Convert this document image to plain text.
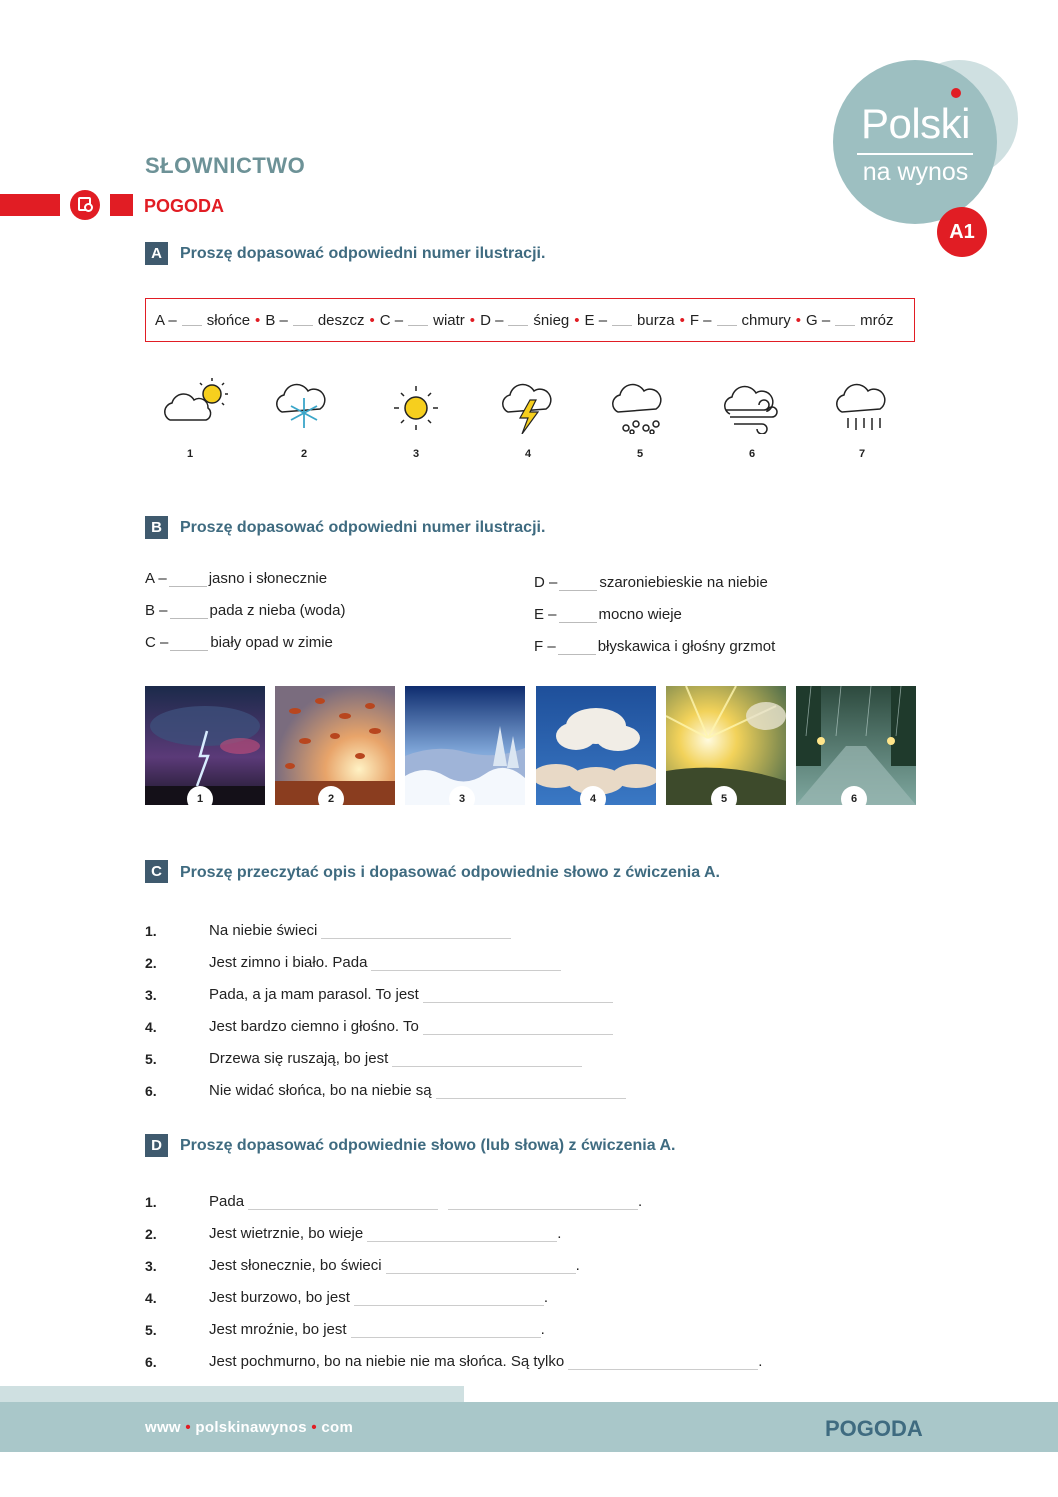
Polski
na wynos
A1
SŁOWNICTWO
POGODA
A	Proszę dopasować odpowiedni numer ilustracji.
A – słońce • B – deszcz • C – wiatr • D – śnieg • E – burza • F – chmury • G – mróz
1	2	3	4	5	6	7
B	Proszę dopasować odpowiedni numer ilustracji.
A –	jasno i słonecznie
B –	pada z nieba (woda)
C –	biały opad w zimie
D –	szaroniebieskie na niebie
E –	mocno wieje
F –	błyskawica i głośny grzmot
1	2	3	4	5	6
C	Proszę przeczytać opis i dopasować odpowiednie słowo z ćwiczenia A.
1.	Na niebie świeci
2.	Jest zimno i biało. Pada
3.	Pada, a ja mam parasol. To jest
4.	Jest bardzo ciemno i głośno. To
5.	Drzewa się ruszają, bo jest
6.	Nie widać słońca, bo na niebie są
D	Proszę dopasować odpowiednie słowo (lub słowa) z ćwiczenia A.
1.	Pada	.
2.	Jest wietrznie, bo wieje	.
3.	Jest słonecznie, bo świeci	.
4.	Jest burzowo, bo jest	.
5.	Jest mroźnie, bo jest	.
6.	Jest pochmurno, bo na niebie nie ma słońca. Są tylko	.
www • polskinawynos • com	POGODA
